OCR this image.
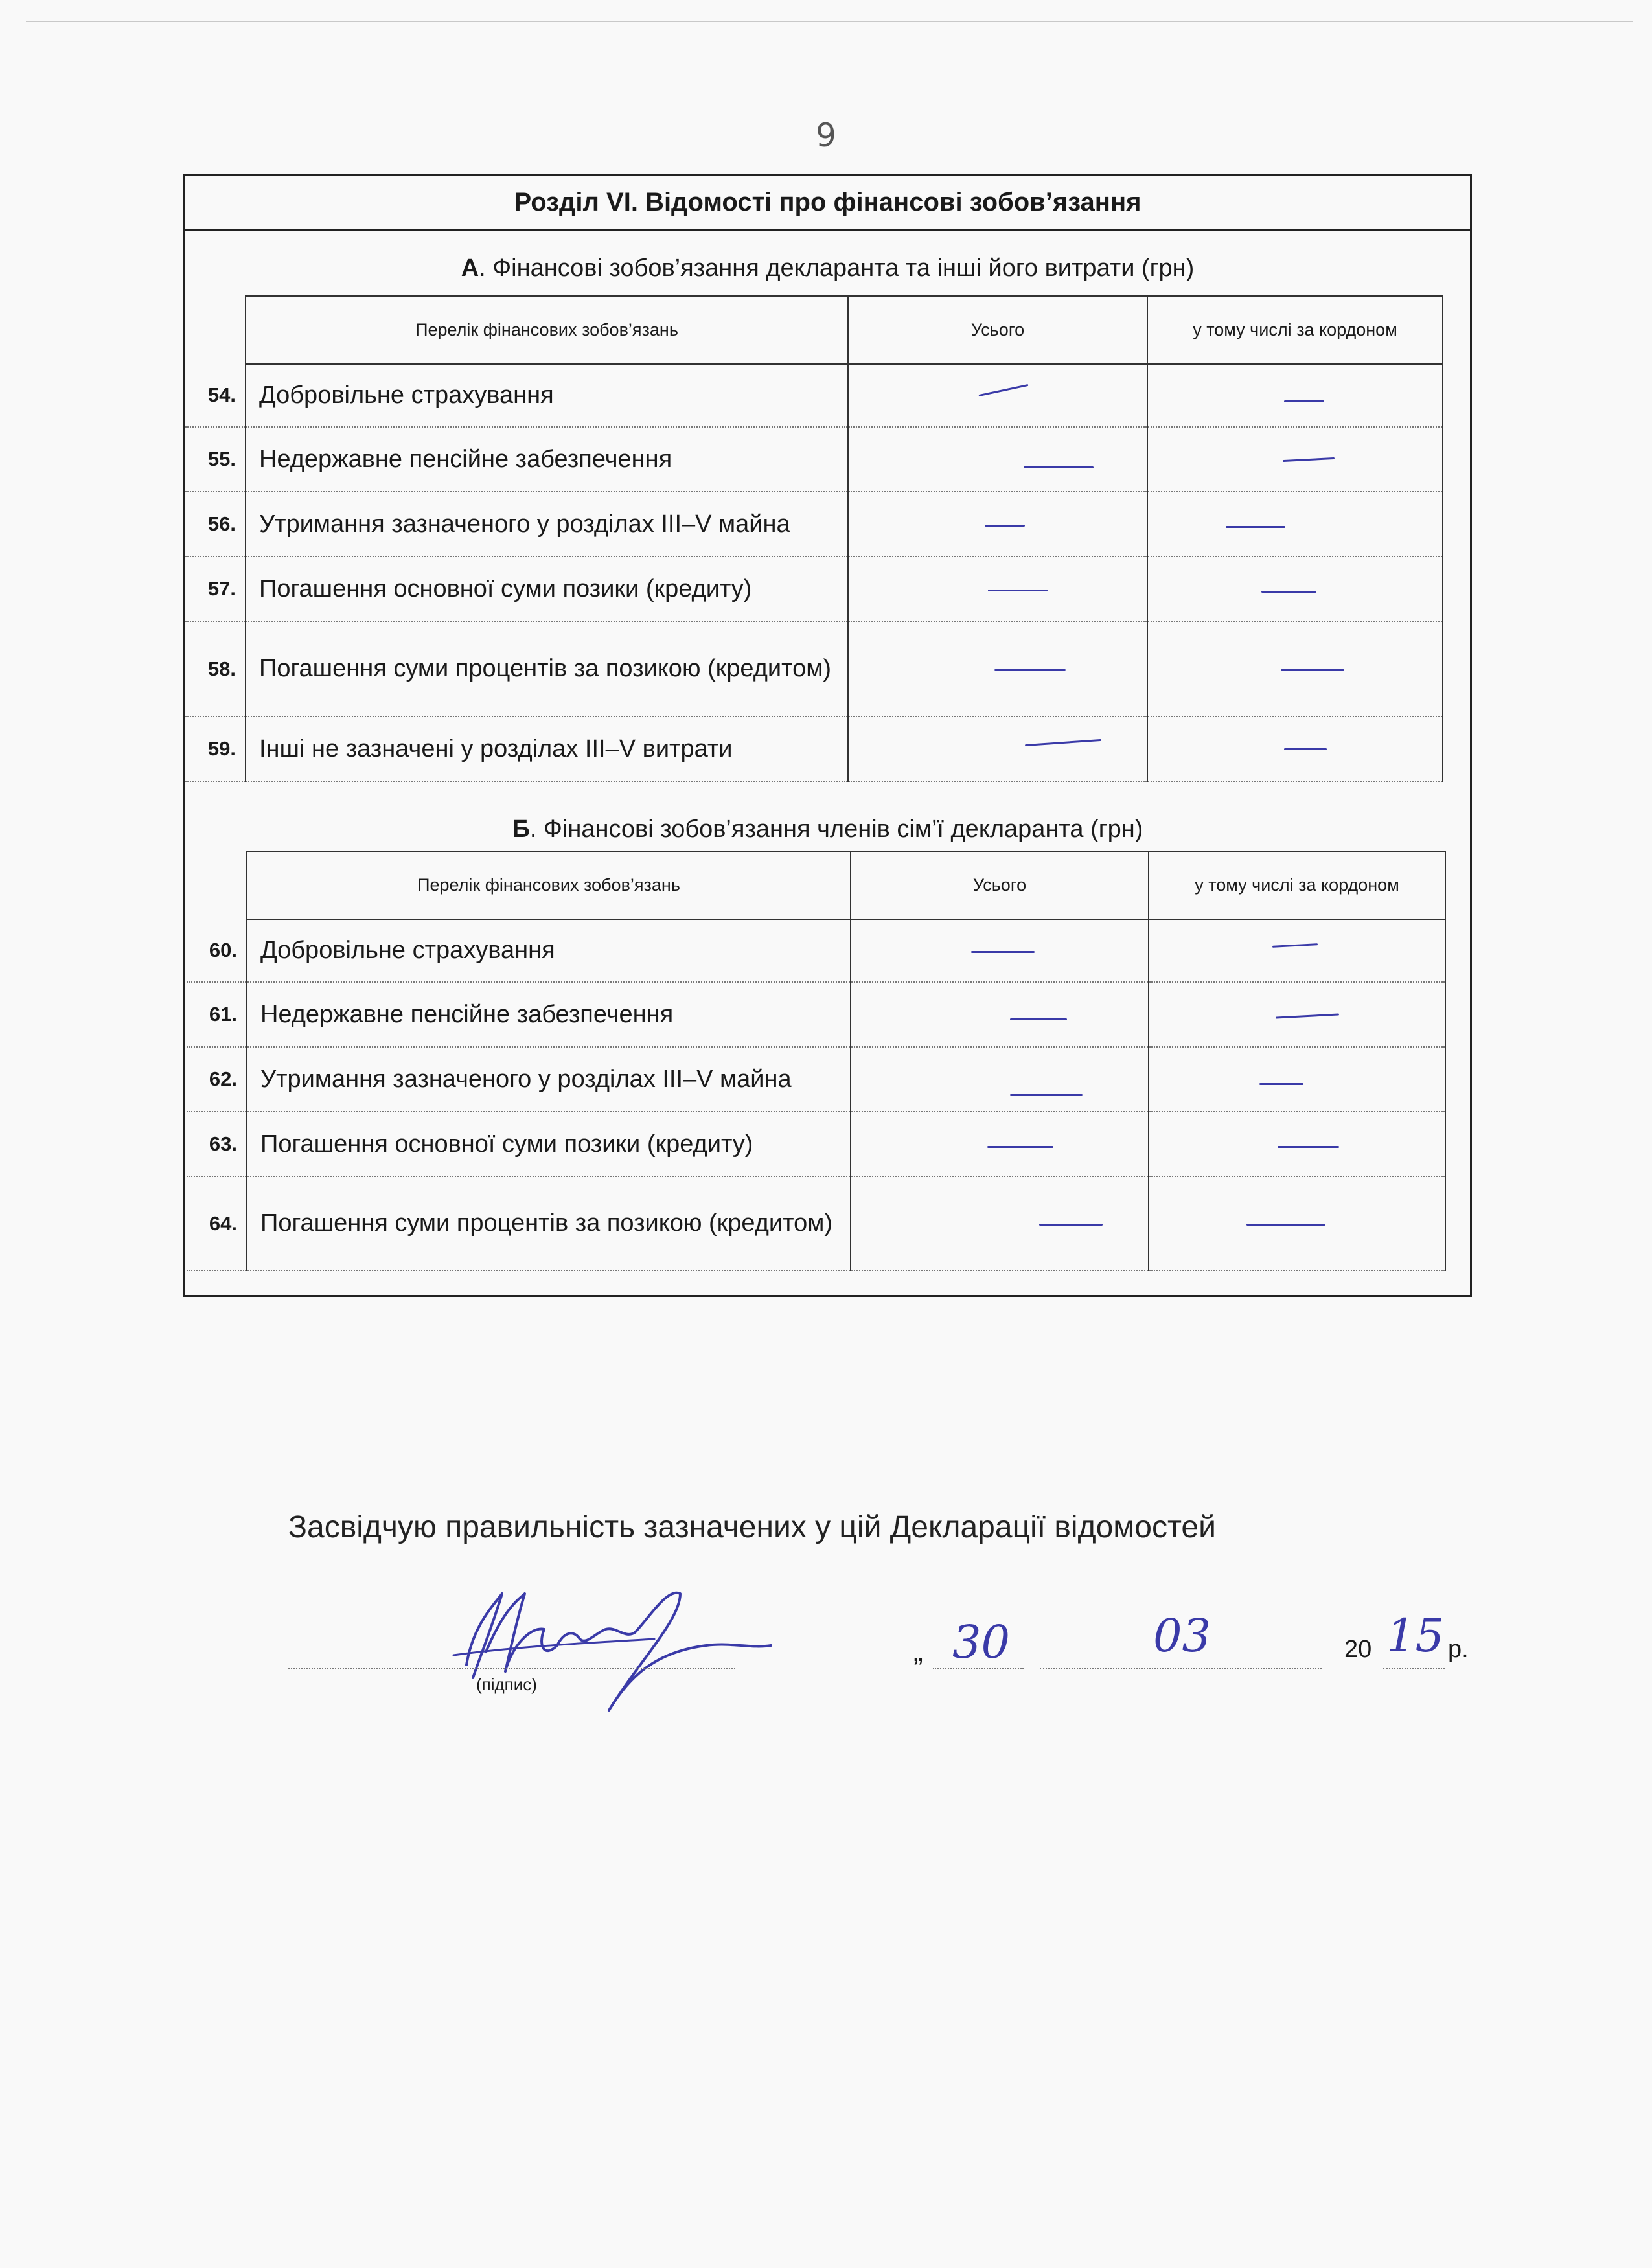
9
Розділ VI. Відомості про фінансові зобов’язання
А. Фінансові зобов’язання декларанта та інші його витрати (грн)
	Перелік фінансових зобов’язань	Усього	у тому числі за кордоном
54.	Добровільне страхування	

55.	Недержавне пенсійне забезпечення	

56.	Утримання зазначеного у розділах III–V майна	

57.	Погашення основної суми позики (кредиту)	

58.	Погашення суми процентів за позикою (кредитом)	

59.	Інші не зазначені у розділах III–V витрати	

Б. Фінансові зобов’язання членів сім’ї декларанта (грн)
	Перелік фінансових зобов’язань	Усього	у тому числі за кордоном
60.	Добровільне страхування	

61.	Недержавне пенсійне забезпечення	

62.	Утримання зазначеного у розділах III–V майна	

63.	Погашення основної суми позики (кредиту)	

64.	Погашення суми процентів за позикою (кредитом)	

Засвідчую правильність зазначених у цій Декларації відомостей
(підпис)
„ 30	03	20 15 р.
